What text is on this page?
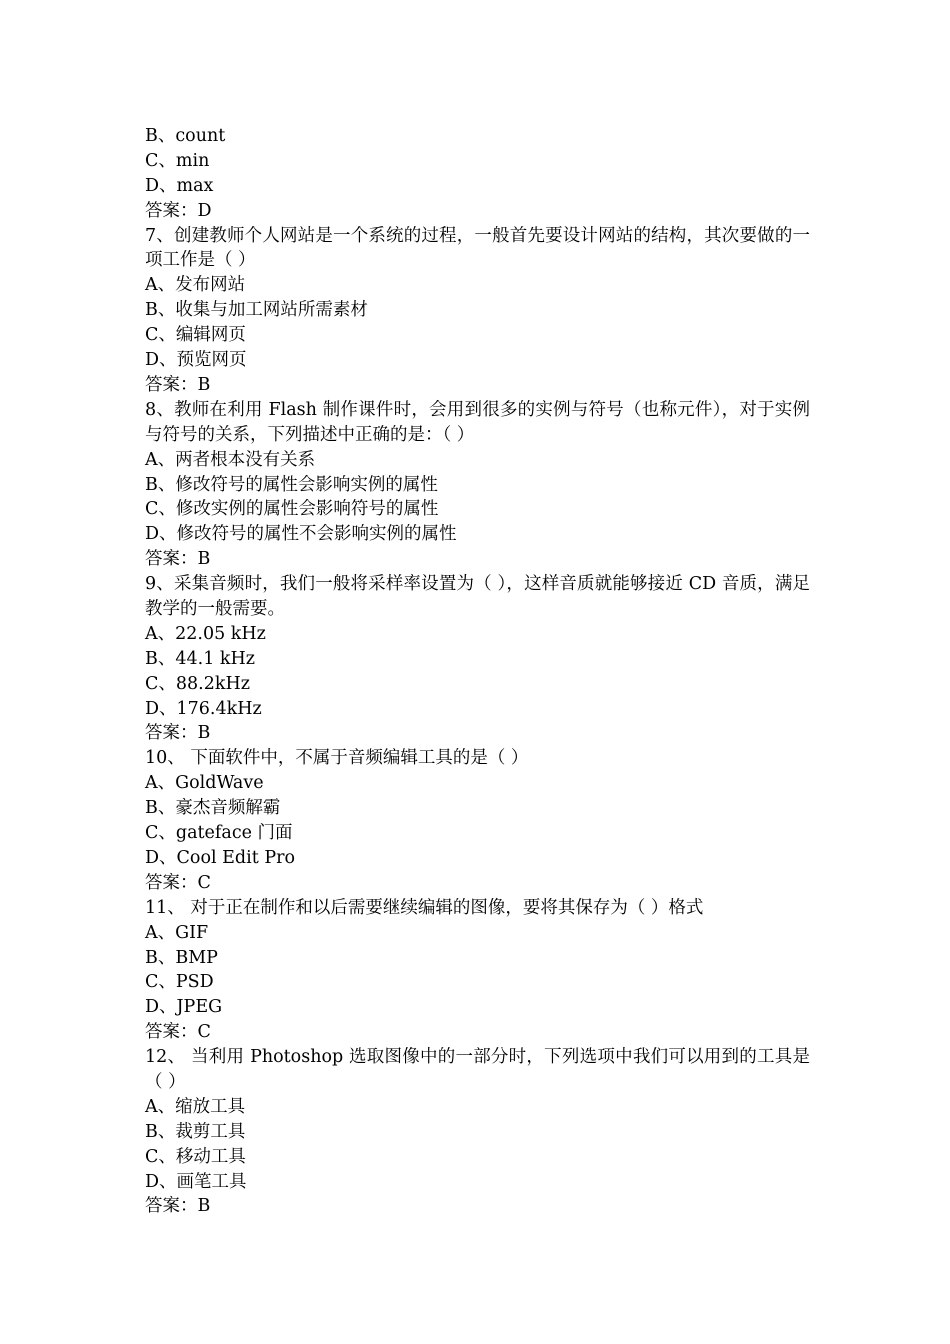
B、count
C、min
D、max
答案：D
7、创建教师个人网站是一个系统的过程，一般首先要设计网站的结构，其次要做的一项工作是（ ）
A、发布网站
B、收集与加工网站所需素材
C、编辑网页
D、预览网页
答案：B
8、教师在利用 Flash 制作课件时，会用到很多的实例与符号（也称元件），对于实例与符号的关系，下列描述中正确的是：（ ）
A、两者根本没有关系
B、修改符号的属性会影响实例的属性
C、修改实例的属性会影响符号的属性
D、修改符号的属性不会影响实例的属性
答案：B
9、采集音频时，我们一般将采样率设置为（ ），这样音质就能够接近 CD 音质，满足教学的一般需要。
A、22.05 kHz
B、44.1 kHz
C、88.2kHz
D、176.4kHz
答案：B
10、 下面软件中，不属于音频编辑工具的是（ ）
A、GoldWave
B、豪杰音频解霸
C、gateface 门面
D、Cool Edit Pro
答案：C
11、 对于正在制作和以后需要继续编辑的图像，要将其保存为（ ）格式
A、GIF
B、BMP
C、PSD
D、JPEG
答案：C
12、 当利用 Photoshop 选取图像中的一部分时，下列选项中我们可以用到的工具是（ ）
A、缩放工具
B、裁剪工具
C、移动工具
D、画笔工具
答案：B
